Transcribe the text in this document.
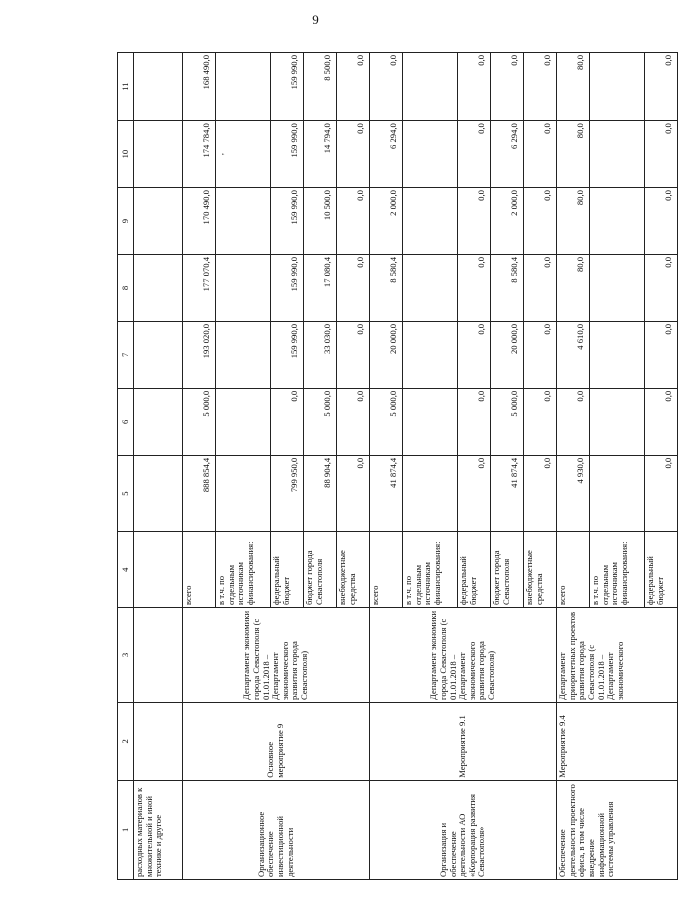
9
1	2	3	4	5	6	7	8	9	10	11
расходных материалов к множительной и иной технике и другое										
Организационное обеспечение инвестиционной деятельности	Основное мероприятие 9	Департамент экономики города Севастополя (с 01.01.2018 – Департамент экономического развития города Севастополя)	всего	888 854,4	5 000,0	193 020,0	177 070,4	170 490,0	174 784,0	168 490,0
			в т.ч. по отдельным источникам финансирования:						,	

			федеральный бюджет	799 950,0	0,0	159 990,0	159 990,0	159 990,0	159 990,0	159 990,0
			бюджет города Севастополя	88 904,4	5 000,0	33 030,0	17 080,4	10 500,0	14 794,0	8 500,0
			внебюджетные средства	0,0	0,0	0,0	0,0	0,0	0,0	0,0
Организация и обеспечение деятельности АО «Корпорация развития Севастополя»	Мероприятие 9.1	Департамент экономики города Севастополя (с 01.01.2018 – Департамент экономического развития города Севастополя)	всего	41 874,4	5 000,0	20 000,0	8 580,4	2 000,0	6 294,0	0,0
			в т.ч. по отдельным источникам финансирования:							
			федеральный бюджет	0,0	0,0	0,0	0,0	0,0	0,0	0,0
			бюджет города Севастополя	41 874,4	5 000,0	20 000,0	8 580,4	2 000,0	6 294,0	0,0
			внебюджетные средства	0,0	0,0	0,0	0,0	0,0	0,0	0,0
Обеспечение деятельности проектного офиса, в том числе внедрение информационной системы управления	Мероприятие 9.4	Департамент приоритетных проектов развития города Севастополя (с 01.01.2018 – Департамент экономического	всего	4 930,0	0,0	4 610,0	80,0	80,0	80,0	80,0
			в т.ч. по отдельным источникам финансирования:							
			федеральный бюджет	0,0	0,0	0,0	0,0	0,0	0,0	0,0
